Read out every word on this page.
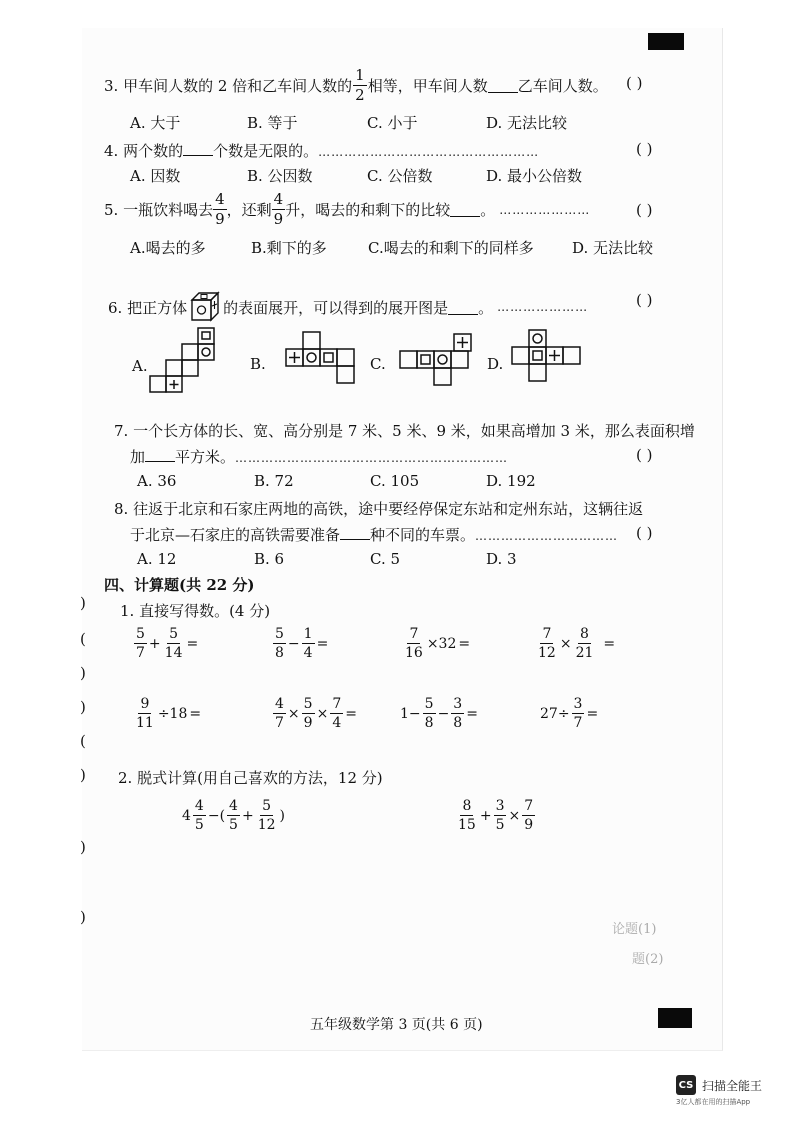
3. 甲车间人数的 2 倍和乙车间人数的 $\frac{1}{2}$ 相等，甲车间人数 乙车间人数。 ( )
A. 大于	B. 等于	C. 小于	D. 无法比较
4. 两个数的 个数是无限的。……………………………………………	( )
A. 因数	B. 公因数	C. 公倍数	D. 最小公倍数
5. 一瓶饮料喝去 $\frac{4}{9}$ ，还剩 $\frac{4}{9}$ 升，喝去的和剩下的比较 。 …………………	( )
A.喝去的多	B.剩下的多	C.喝去的和剩下的同样多	D. 无法比较
6. 把正方体 的表面展开，可以得到的展开图是 。 …………………	( )
A.	B.	C.	D.
7. 一个长方体的长、宽、高分别是 7 米、5 米、9 米，如果高增加 3 米，那么表面积增
加 平方米。………………………………………………………	( )
A. 36	B. 72	C. 105	D. 192
8. 往返于北京和石家庄两地的高铁，途中要经停保定东站和定州东站，这辆往返
于北京—石家庄的高铁需要准备 种不同的车票。…………………………… ( )
A. 12	B. 6	C. 5	D. 3
四、计算题(共 22 分)
1. 直接写得数。(4 分)
$\frac{5}{7} + \frac{5}{14}$ =	$\frac{5}{8} - \frac{1}{4}$ =	$\frac{7}{16} \times 32$ =	$\frac{7}{12} \times \frac{8}{21}$ =
$\frac{9}{11} \div 18$ =	$\frac{4}{7} \times \frac{5}{9} \times \frac{7}{4}$ =	$1- \frac{5}{8} - \frac{3}{8}$ =	$27\div \frac{3}{7}$ =
2. 脱式计算(用自己喜欢的方法，12 分)
$4 \frac{4}{5}$ −( $\frac{4}{5} + \frac{5}{12}$ )	$\frac{8}{15} + \frac{3}{5} \times \frac{7}{9}$
)
(
)
)
(
)
)
)
论题(1)
题(2)
五年级数学第 3 页(共 6 页)
CS 扫描全能王
3亿人都在用的扫描App
